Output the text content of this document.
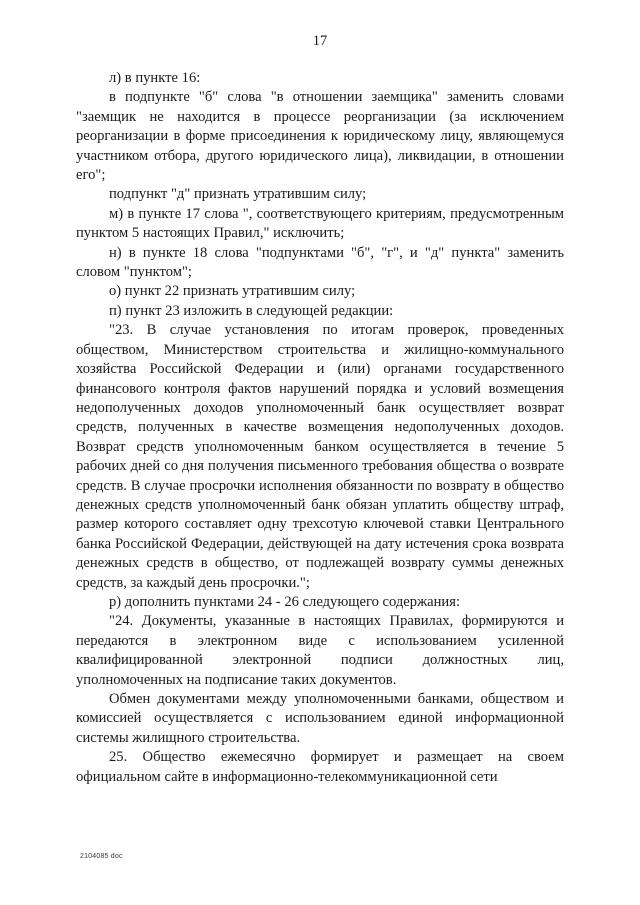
17

л) в пункте 16:

в подпункте "б" слова "в отношении заемщика" заменить словами "заемщик не находится в процессе реорганизации (за исключением реорганизации в форме присоединения к юридическому лицу, являющемуся участником отбора, другого юридического лица), ликвидации, в отношении его";

подпункт "д" признать утратившим силу;

м) в пункте 17 слова ", соответствующего критериям, предусмотренным пунктом 5 настоящих Правил," исключить;

н) в пункте 18 слова "подпунктами "б", "г", и "д" пункта" заменить словом "пунктом";

о) пункт 22 признать утратившим силу;

п) пункт 23 изложить в следующей редакции:

"23. В случае установления по итогам проверок, проведенных обществом, Министерством строительства и жилищно-коммунального хозяйства Российской Федерации и (или) органами государственного финансового контроля фактов нарушений порядка и условий возмещения недополученных доходов уполномоченный банк осуществляет возврат средств, полученных в качестве возмещения недополученных доходов. Возврат средств уполномоченным банком осуществляется в течение 5 рабочих дней со дня получения письменного требования общества о возврате средств. В случае просрочки исполнения обязанности по возврату в общество денежных средств уполномоченный банк обязан уплатить обществу штраф, размер которого составляет одну трехсотую ключевой ставки Центрального банка Российской Федерации, действующей на дату истечения срока возврата денежных средств в общество, от подлежащей возврату суммы денежных средств, за каждый день просрочки.";

р) дополнить пунктами 24 - 26 следующего содержания:

"24. Документы, указанные в настоящих Правилах, формируются и передаются в электронном виде с использованием усиленной квалифицированной электронной подписи должностных лиц, уполномоченных на подписание таких документов.

Обмен документами между уполномоченными банками, обществом и комиссией осуществляется с использованием единой информационной системы жилищного строительства.

25. Общество ежемесячно формирует и размещает на своем официальном сайте в информационно-телекоммуникационной сети

2104085 doc
